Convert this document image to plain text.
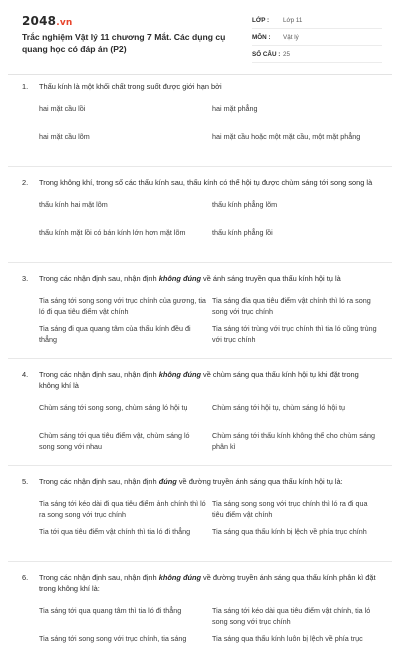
2048.vn
Trắc nghiệm Vật lý 11 chương 7 Mắt. Các dụng cụ quang học có đáp án (P2)
LỚP :	Lớp 11
MÔN :	Vật lý
SỐ CÂU : 25
1. Thấu kính là một khối chất trong suốt được giới hạn bởi
hai mặt cầu lồi	hai mặt phẳng
hai mặt cầu lõm	hai mặt cầu hoặc một mặt cầu, một mặt phẳng
2. Trong không khí, trong số các thấu kính sau, thấu kính có thể hội tụ được chùm sáng tới song song là
thấu kính hai mặt lõm	thấu kính phẳng lõm
thấu kính mặt lồi có bán kính lớn hơn mặt lõm	thấu kính phẳng lồi
3. Trong các nhận định sau, nhận định không đúng về ánh sáng truyền qua thấu kính hội tụ là
Tia sáng tới song song với trục chính của gương, tia ló đi qua tiêu điểm vật chính
Tia sáng đia qua tiêu điểm vật chính thì ló ra song song với trục chính
Tia sáng đi qua quang tâm của thấu kính đều đi thẳng
Tia sáng tới trùng với trục chính thì tia ló cũng trùng với trục chính
4. Trong các nhận định sau, nhận định không đúng về chùm sáng qua thấu kính hội tụ khi đặt trong không khí là
Chùm sáng tới song song, chùm sáng ló hội tụ	Chùm sáng tới hội tụ, chùm sáng ló hội tụ
Chùm sáng tới qua tiêu điểm vật, chùm sáng ló song song với nhau
Chùm sáng tới thấu kính không thể cho chùm sáng phân kì
5. Trong các nhận định sau, nhận định đúng về đường truyền ánh sáng qua thấu kính hội tụ là:
Tia sáng tới kéo dài đi qua tiêu điểm ảnh chính thì ló ra song song với trục chính
Tia sáng song song với trục chính thì ló ra đi qua tiêu điểm vật chính
Tia tới qua tiêu điểm vật chính thì tia ló đi thẳng	Tia sáng qua thấu kính bị lệch về phía trục chính
6. Trong các nhận định sau, nhận định không đúng về đường truyền ánh sáng qua thấu kính phân kì đặt trong không khí là:
Tia sáng tới qua quang tâm thì tia ló đi thẳng	Tia sáng tới kéo dài qua tiêu điểm vật chính, tia ló song song với trục chính
Tia sáng tới song song với trục chính, tia sáng	Tia sáng qua thấu kính luôn bị lệch về phía trục
